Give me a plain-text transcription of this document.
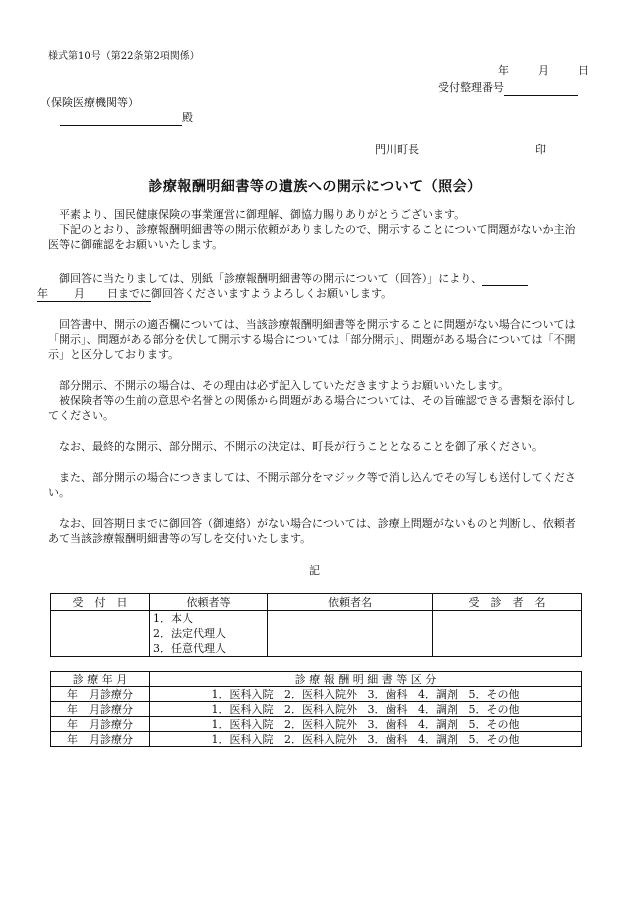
様式第10号（第22条第2項関係）
年	月	日
受付整理番号
（保険医療機関等）
殿
門川町長	印
診療報酬明細書等の遺族への開示について（照会）
平素より、国民健康保険の事業運営に御理解、御協力賜りありがとうございます。
下記のとおり、診療報酬明細書等の開示依頼がありましたので、開示することについて問題がないか主治医等に御確認をお願いいたします。
御回答に当たりましては、別紙「診療報酬明細書等の開示について（回答）」により、
年 月 日までに御回答くださいますようよろしくお願いします。
回答書中、開示の適否欄については、当該診療報酬明細書等を開示することに問題がない場合については「開示」、問題がある部分を伏して開示する場合については「部分開示」、問題がある場合については「不開示」と区分しております。
部分開示、不開示の場合は、その理由は必ず記入していただきますようお願いいたします。
被保険者等の生前の意思や名誉との関係から問題がある場合については、その旨確認できる書類を添付してください。
なお、最終的な開示、部分開示、不開示の決定は、町長が行うこととなることを御了承ください。
また、部分開示の場合につきましては、不開示部分をマジック等で消し込んでその写しも送付してください。
なお、回答期日までに御回答（御連絡）がない場合については、診療上問題がないものと判断し、依頼者あて当該診療報酬明細書等の写しを交付いたします。
記
受　付　日	依頼者等	依頼者名	受　診　者　名

	1．本人
2．法定代理人
3．任意代理人		

診 療 年 月	診 療 報 酬 明 細 書 等 区 分
年　月診療分	1．医科入院 2．医科入院外 3．歯科 4．調剤 5．その他
年　月診療分	1．医科入院 2．医科入院外 3．歯科 4．調剤 5．その他
年　月診療分	1．医科入院 2．医科入院外 3．歯科 4．調剤 5．その他
年　月診療分	1．医科入院 2．医科入院外 3．歯科 4．調剤 5．その他
